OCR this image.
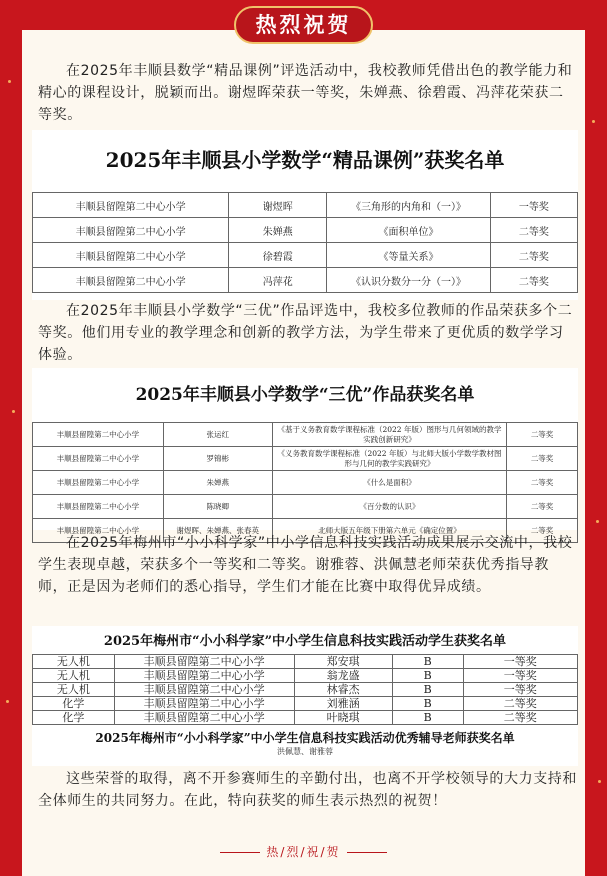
热烈祝贺
在2025年丰顺县数学“精品课例”评选活动中，我校教师凭借出色的教学能力和精心的课程设计，脱颖而出。谢煜晖荣获一等奖，朱婵燕、徐碧霞、冯萍花荣获二等奖。
2025年丰顺县小学数学“精品课例”获奖名单
丰顺县留隍第二中心小学	谢煜晖	《三角形的内角和（一）》	一等奖
丰顺县留隍第二中心小学	朱婵燕	《面积单位》	二等奖
丰顺县留隍第二中心小学	徐碧霞	《等量关系》	二等奖
丰顺县留隍第二中心小学	冯萍花	《认识分数分一分（一）》	二等奖
在2025年丰顺县小学数学“三优”作品评选中，我校多位教师的作品荣获多个二等奖。他们用专业的教学理念和创新的教学方法，为学生带来了更优质的数学学习体验。
2025年丰顺县小学数学“三优”作品获奖名单
丰顺县留隍第二中心小学	张运红	《基于义务教育数学课程标准（2022 年版）图形与几何领域的教学实践创新研究》	二等奖
丰顺县留隍第二中心小学	罗锦彬	《义务教育数学课程标准（2022 年版）与北师大版小学数学教材图形与几何的教学实践研究》	二等奖
丰顺县留隍第二中心小学	朱婵燕	《什么是面积》	二等奖
丰顺县留隍第二中心小学	陈晓卿	《百分数的认识》	二等奖
丰顺县留隍第二中心小学	谢煜晖、朱婵燕、张春英	北师大版五年级下册第六单元《确定位置》	二等奖
在2025年梅州市“小小科学家”中小学信息科技实践活动成果展示交流中，我校学生表现卓越，荣获多个一等奖和二等奖。谢雅蓉、洪佩慧老师荣获优秀指导教师，正是因为老师们的悉心指导，学生们才能在比赛中取得优异成绩。
2025年梅州市“小小科学家”中小学生信息科技实践活动学生获奖名单
无人机	丰顺县留隍第二中心小学	郑安琪	B	一等奖
无人机	丰顺县留隍第二中心小学	翁龙盛	B	一等奖
无人机	丰顺县留隍第二中心小学	林睿杰	B	一等奖
化学	丰顺县留隍第二中心小学	刘雅涵	B	二等奖
化学	丰顺县留隍第二中心小学	叶晓琪	B	二等奖
2025年梅州市“小小科学家”中小学生信息科技实践活动优秀辅导老师获奖名单
洪佩慧、谢雅蓉
这些荣誉的取得，离不开参赛师生的辛勤付出，也离不开学校领导的大力支持和全体师生的共同努力。在此，特向获奖的师生表示热烈的祝贺！
热/烈/祝/贺
